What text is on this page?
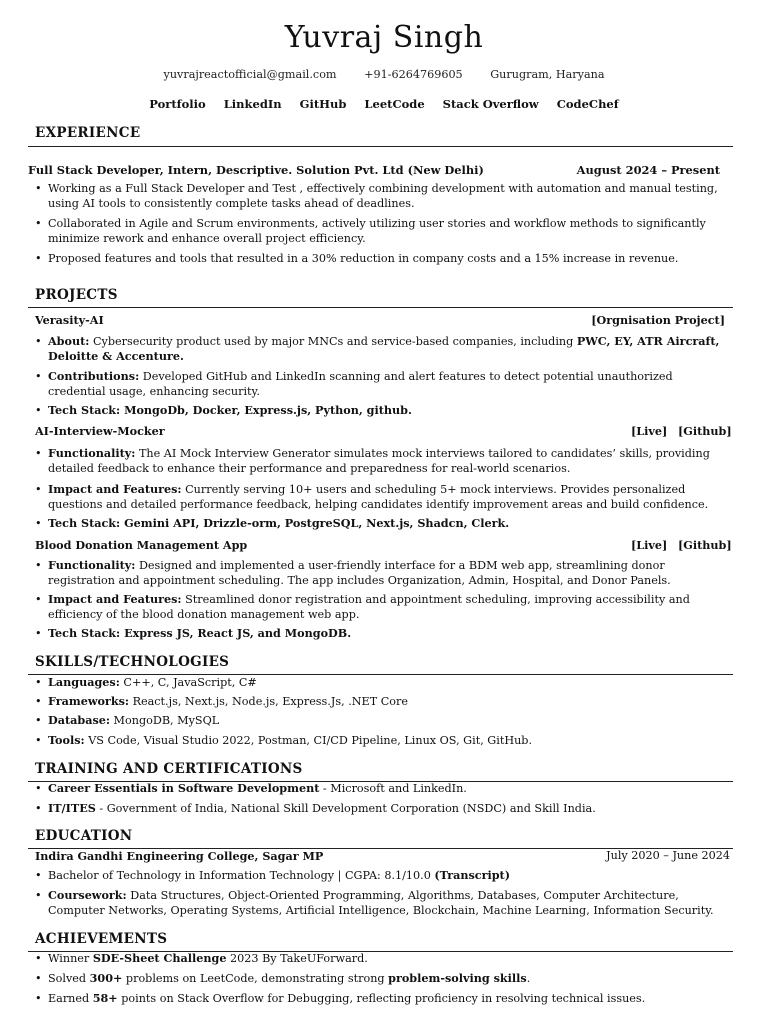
Yuvraj Singh
yuvrajreactofficial@gmail.com +91-6264769605 Gurugram, Haryana
Portfolio LinkedIn GitHub LeetCode Stack Overflow CodeChef
EXPERIENCE
Full Stack Developer, Intern, Descriptive. Solution Pvt. Ltd (New Delhi)	August 2024 – Present
• Working as a Full Stack Developer and Test , effectively combining development with automation and manual testing, using AI tools to consistently complete tasks ahead of deadlines.
• Collaborated in Agile and Scrum environments, actively utilizing user stories and workflow methods to significantly minimize rework and enhance overall project efficiency.
• Proposed features and tools that resulted in a 30% reduction in company costs and a 15% increase in revenue.
PROJECTS
Verasity-AI	[Orgnisation Project]
• About: Cybersecurity product used by major MNCs and service-based companies, including PWC, EY, ATR Aircraft, Deloitte & Accenture.
• Contributions: Developed GitHub and LinkedIn scanning and alert features to detect potential unauthorized credential usage, enhancing security.
• Tech Stack: MongoDb, Docker, Express.js, Python, github.
AI-Interview-Mocker	[Live] [Github]
• Functionality: The AI Mock Interview Generator simulates mock interviews tailored to candidates’ skills, providing detailed feedback to enhance their performance and preparedness for real-world scenarios.
• Impact and Features: Currently serving 10+ users and scheduling 5+ mock interviews. Provides personalized questions and detailed performance feedback, helping candidates identify improvement areas and build confidence.
• Tech Stack: Gemini API, Drizzle-orm, PostgreSQL, Next.js, Shadcn, Clerk.
Blood Donation Management App	[Live] [Github]
• Functionality: Designed and implemented a user-friendly interface for a BDM web app, streamlining donor registration and appointment scheduling. The app includes Organization, Admin, Hospital, and Donor Panels.
• Impact and Features: Streamlined donor registration and appointment scheduling, improving accessibility and efficiency of the blood donation management web app.
• Tech Stack: Express JS, React JS, and MongoDB.
SKILLS/TECHNOLOGIES
• Languages: C++, C, JavaScript, C#
• Frameworks: React.js, Next.js, Node.js, Express.Js, .NET Core
• Database: MongoDB, MySQL
• Tools: VS Code, Visual Studio 2022, Postman, CI/CD Pipeline, Linux OS, Git, GitHub.
TRAINING AND CERTIFICATIONS
• Career Essentials in Software Development - Microsoft and LinkedIn.
• IT/ITES - Government of India, National Skill Development Corporation (NSDC) and Skill India.
EDUCATION
Indira Gandhi Engineering College, Sagar MP	July 2020 – June 2024
• Bachelor of Technology in Information Technology | CGPA: 8.1/10.0 (Transcript)
• Coursework: Data Structures, Object-Oriented Programming, Algorithms, Databases, Computer Architecture, Computer Networks, Operating Systems, Artificial Intelligence, Blockchain, Machine Learning, Information Security.
ACHIEVEMENTS
• Winner SDE-Sheet Challenge 2023 By TakeUForward.
• Solved 300+ problems on LeetCode, demonstrating strong problem-solving skills.
• Earned 58+ points on Stack Overflow for Debugging, reflecting proficiency in resolving technical issues.
